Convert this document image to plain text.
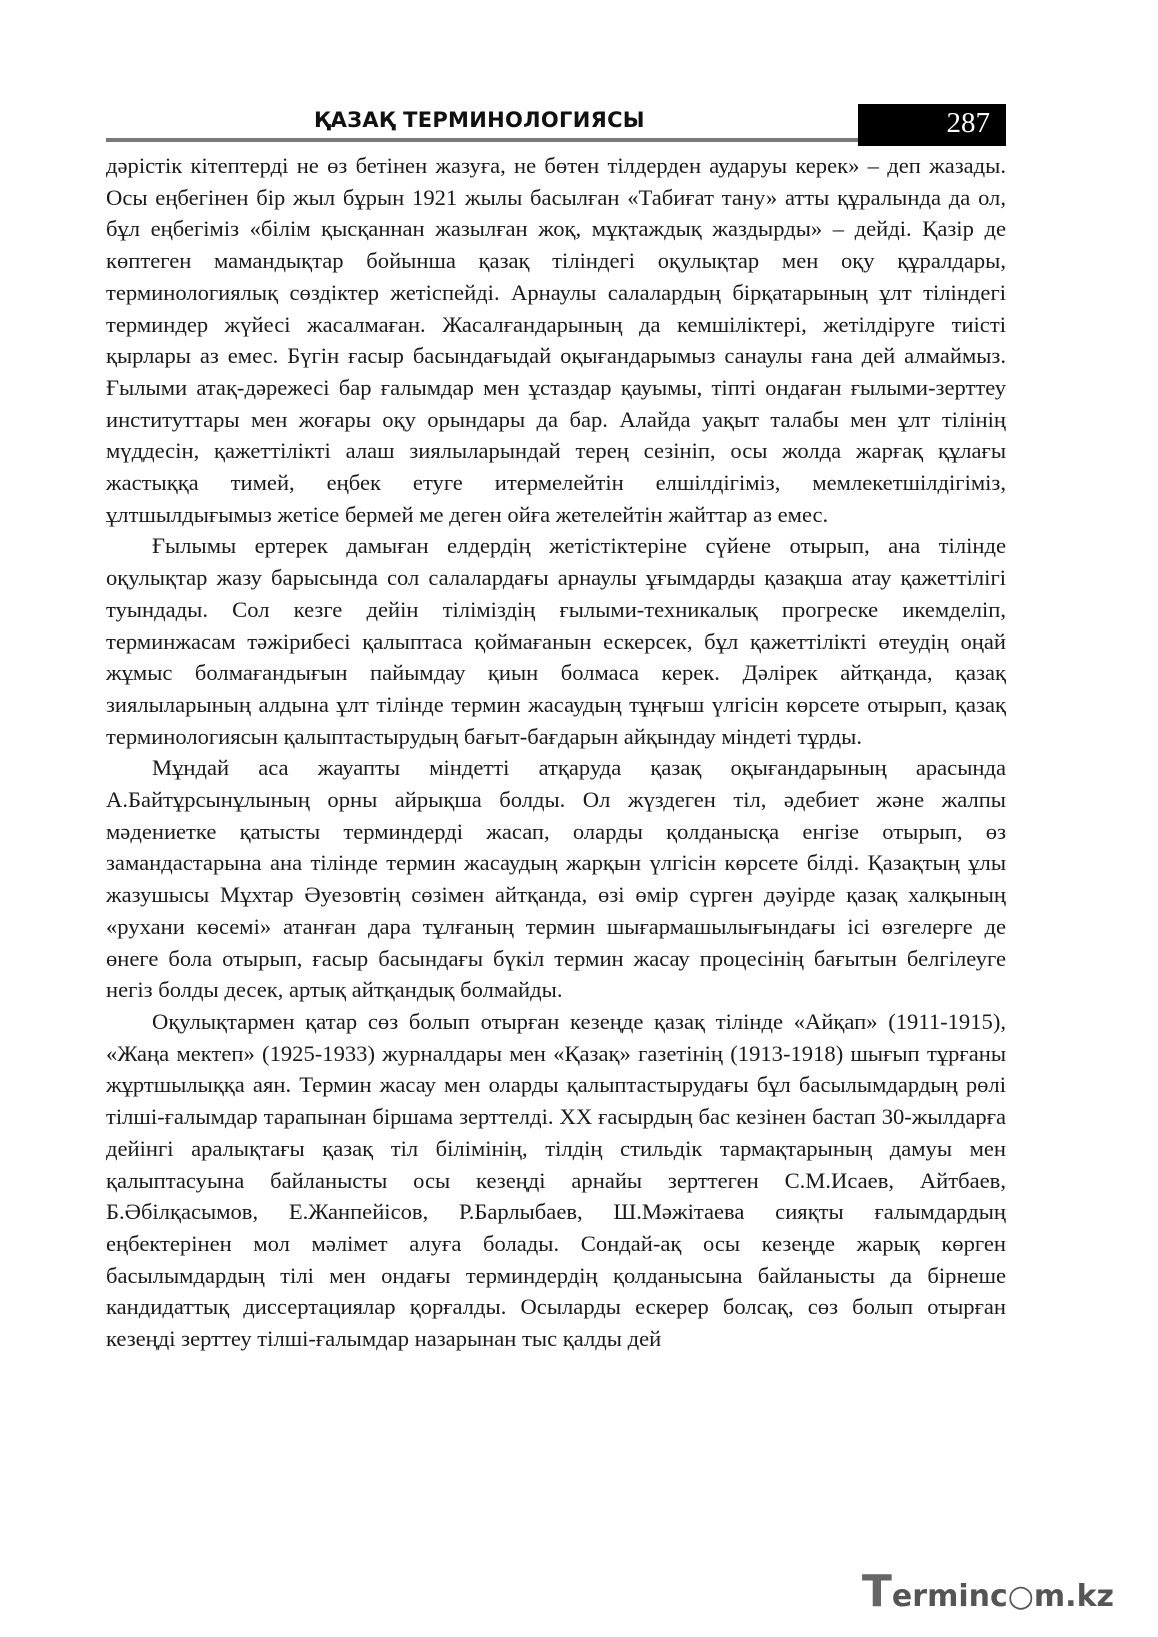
ҚАЗАҚ ТЕРМИНОЛОГИЯСЫ	287

дәрістік кітептерді не өз бетінен жазуға, не бөтен тілдерден аударуы керек» – деп жазады. Осы еңбегінен бір жыл бұрын 1921 жылы басылған «Табиғат тану» атты құралында да ол, бұл еңбегіміз «білім қысқаннан жазылған жоқ, мұқтаждық жаздырды» – дейді. Қазір де көптеген мамандықтар бойынша қазақ тіліндегі оқулықтар мен оқу құралдары, терминологиялық сөздіктер жетіспейді. Арнаулы салалардың бірқатарының ұлт тіліндегі терминдер жүйесі жасалмаған. Жасалғандарының да кемшіліктері, жетілдіруге тиісті қырлары аз емес. Бүгін ғасыр басындағыдай оқығандарымыз санаулы ғана дей алмаймыз. Ғылыми атақ-дәрежесі бар ғалымдар мен ұстаздар қауымы, тіпті ондаған ғылыми-зерттеу институттары мен жоғары оқу орындары да бар. Алайда уақыт талабы мен ұлт тілінің мүддесін, қажеттілікті алаш зиялыларындай терең сезініп, осы жолда жарғақ құлағы жастыққа тимей, еңбек етуге итермелейтін елшілдігіміз, мемлекетшілдігіміз, ұлтшылдығымыз жетісе бермей ме деген ойға жетелейтін жайттар аз емес.

Ғылымы ертерек дамыған елдердің жетістіктеріне сүйене отырып, ана тілінде оқулықтар жазу барысында сол салалардағы арнаулы ұғымдарды қазақша атау қажеттілігі туындады. Сол кезге дейін тіліміздің ғылыми-техникалық прогреске икемделіп, терминжасам тәжірибесі қалыптаса қоймағанын ескерсек, бұл қажеттілікті өтеудің оңай жұмыс болмағандығын пайымдау қиын болмаса керек. Дәлірек айтқанда, қазақ зиялыларының алдына ұлт тілінде термин жасаудың тұңғыш үлгісін көрсете отырып, қазақ терминологиясын қалыптастырудың бағыт-бағдарын айқындау міндеті тұрды.

Мұндай аса жауапты міндетті атқаруда қазақ оқығандарының арасында А.Байтұрсынұлының орны айрықша болды. Ол жүздеген тіл, әдебиет және жалпы мәдениетке қатысты терминдерді жасап, оларды қолданысқа енгізе отырып, өз замандастарына ана тілінде термин жасаудың жарқын үлгісін көрсете білді. Қазақтың ұлы жазушысы Мұхтар Әуезовтің сөзімен айтқанда, өзі өмір сүрген дәуірде қазақ халқының «рухани көсемі» атанған дара тұлғаның термин шығармашылығындағы ісі өзгелерге де өнеге бола отырып, ғасыр басындағы бүкіл термин жасау процесінің бағытын белгілеуге негіз болды десек, артық айтқандық болмайды.

Оқулықтармен қатар сөз болып отырған кезеңде қазақ тілінде «Айқап» (1911-1915), «Жаңа мектеп» (1925-1933) журналдары мен «Қазақ» газетінің (1913-1918) шығып тұрғаны жұртшылыққа аян. Термин жасау мен оларды қалыптастырудағы бұл басылымдардың рөлі тілші-ғалымдар тарапынан біршама зерттелді. XX ғасырдың бас кезінен бастап 30-жылдарға дейінгі аралықтағы қазақ тіл білімінің, тілдің стильдік тармақтарының дамуы мен қалыптасуына байланысты осы кезеңді арнайы зерттеген С.М.Исаев, Айтбаев, Б.Әбілқасымов, Е.Жанпейісов, Р.Барлыбаев, Ш.Мәжітаева сияқты ғалымдардың еңбектерінен мол мәлімет алуға болады. Сондай-ақ осы кезеңде жарық көрген басылымдардың тілі мен ондағы терминдердің қолданысына байланысты да бірнеше кандидаттық диссертациялар қорғалды. Осыларды ескерер болсақ, сөз болып отырған кезеңді зерттеу тілші-ғалымдар назарынан тыс қалды дей

Terminc○m.kz
